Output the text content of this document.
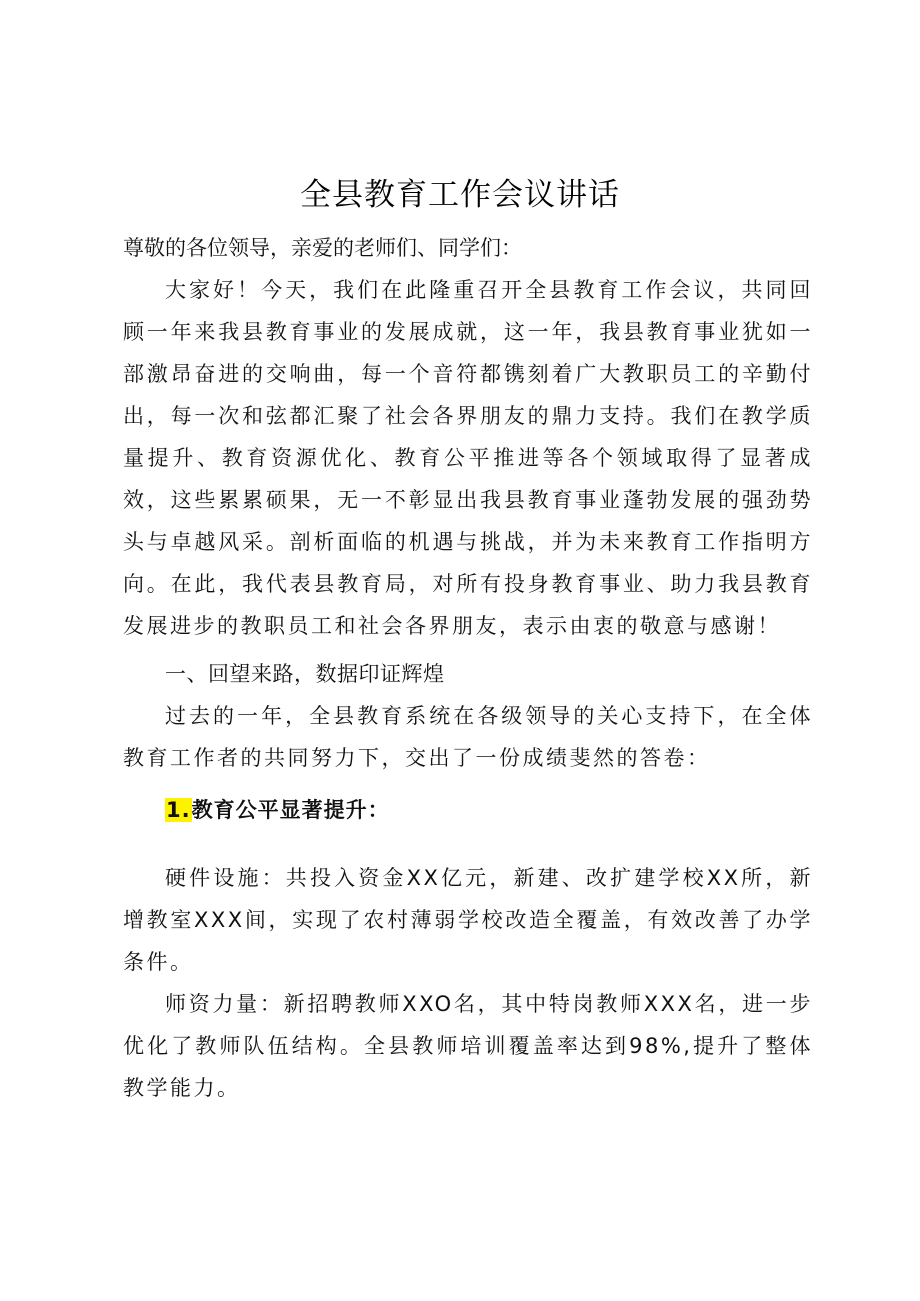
全县教育工作会议讲话

尊敬的各位领导，亲爱的老师们、同学们：

大家好！今天，我们在此隆重召开全县教育工作会议，共同回顾一年来我县教育事业的发展成就，这一年，我县教育事业犹如一部激昂奋进的交响曲，每一个音符都镌刻着广大教职员工的辛勤付出，每一次和弦都汇聚了社会各界朋友的鼎力支持。我们在教学质量提升、教育资源优化、教育公平推进等各个领域取得了显著成效，这些累累硕果，无一不彰显出我县教育事业蓬勃发展的强劲势头与卓越风采。剖析面临的机遇与挑战，并为未来教育工作指明方向。在此，我代表县教育局，对所有投身教育事业、助力我县教育发展进步的教职员工和社会各界朋友，表示由衷的敬意与感谢！

一、回望来路，数据印证辉煌

过去的一年，全县教育系统在各级领导的关心支持下，在全体教育工作者的共同努力下，交出了一份成绩斐然的答卷：

1.教育公平显著提升：

硬件设施：共投入资金XX亿元，新建、改扩建学校XX所，新增教室XXX间，实现了农村薄弱学校改造全覆盖，有效改善了办学条件。

师资力量：新招聘教师XXO名，其中特岗教师XXX名，进一步优化了教师队伍结构。全县教师培训覆盖率达到98%,提升了整体教学能力。
